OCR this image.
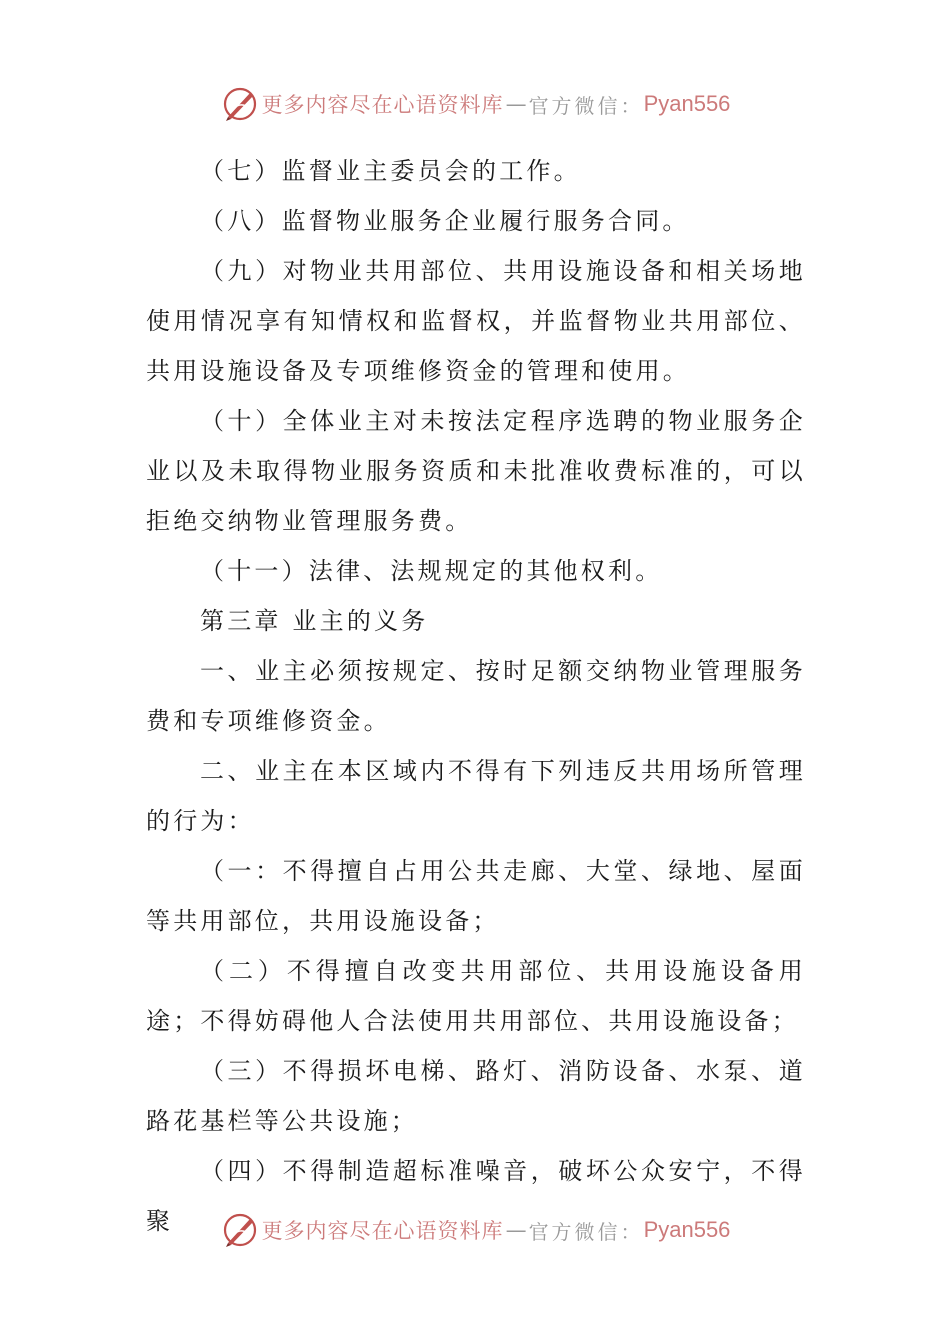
更多内容尽在心语资料库 — 官方微信： Pyan556

（七）监督业主委员会的工作。

（八）监督物业服务企业履行服务合同。

（九）对物业共用部位、共用设施设备和相关场地使用情况享有知情权和监督权，并监督物业共用部位、共用设施设备及专项维修资金的管理和使用。

（十）全体业主对未按法定程序选聘的物业服务企业以及未取得物业服务资质和未批准收费标准的，可以拒绝交纳物业管理服务费。

（十一）法律、法规规定的其他权利。

第三章 业主的义务

一、业主必须按规定、按时足额交纳物业管理服务费和专项维修资金。

二、业主在本区域内不得有下列违反共用场所管理的行为：

（一：不得擅自占用公共走廊、大堂、绿地、屋面等共用部位，共用设施设备；

（二）不得擅自改变共用部位、共用设施设备用途；不得妨碍他人合法使用共用部位、共用设施设备；

（三）不得损坏电梯、路灯、消防设备、水泵、道路花基栏等公共设施；

（四）不得制造超标准噪音，破坏公众安宁，不得聚	更多内容尽在心语资料库 — 官方微信： Pyan556
